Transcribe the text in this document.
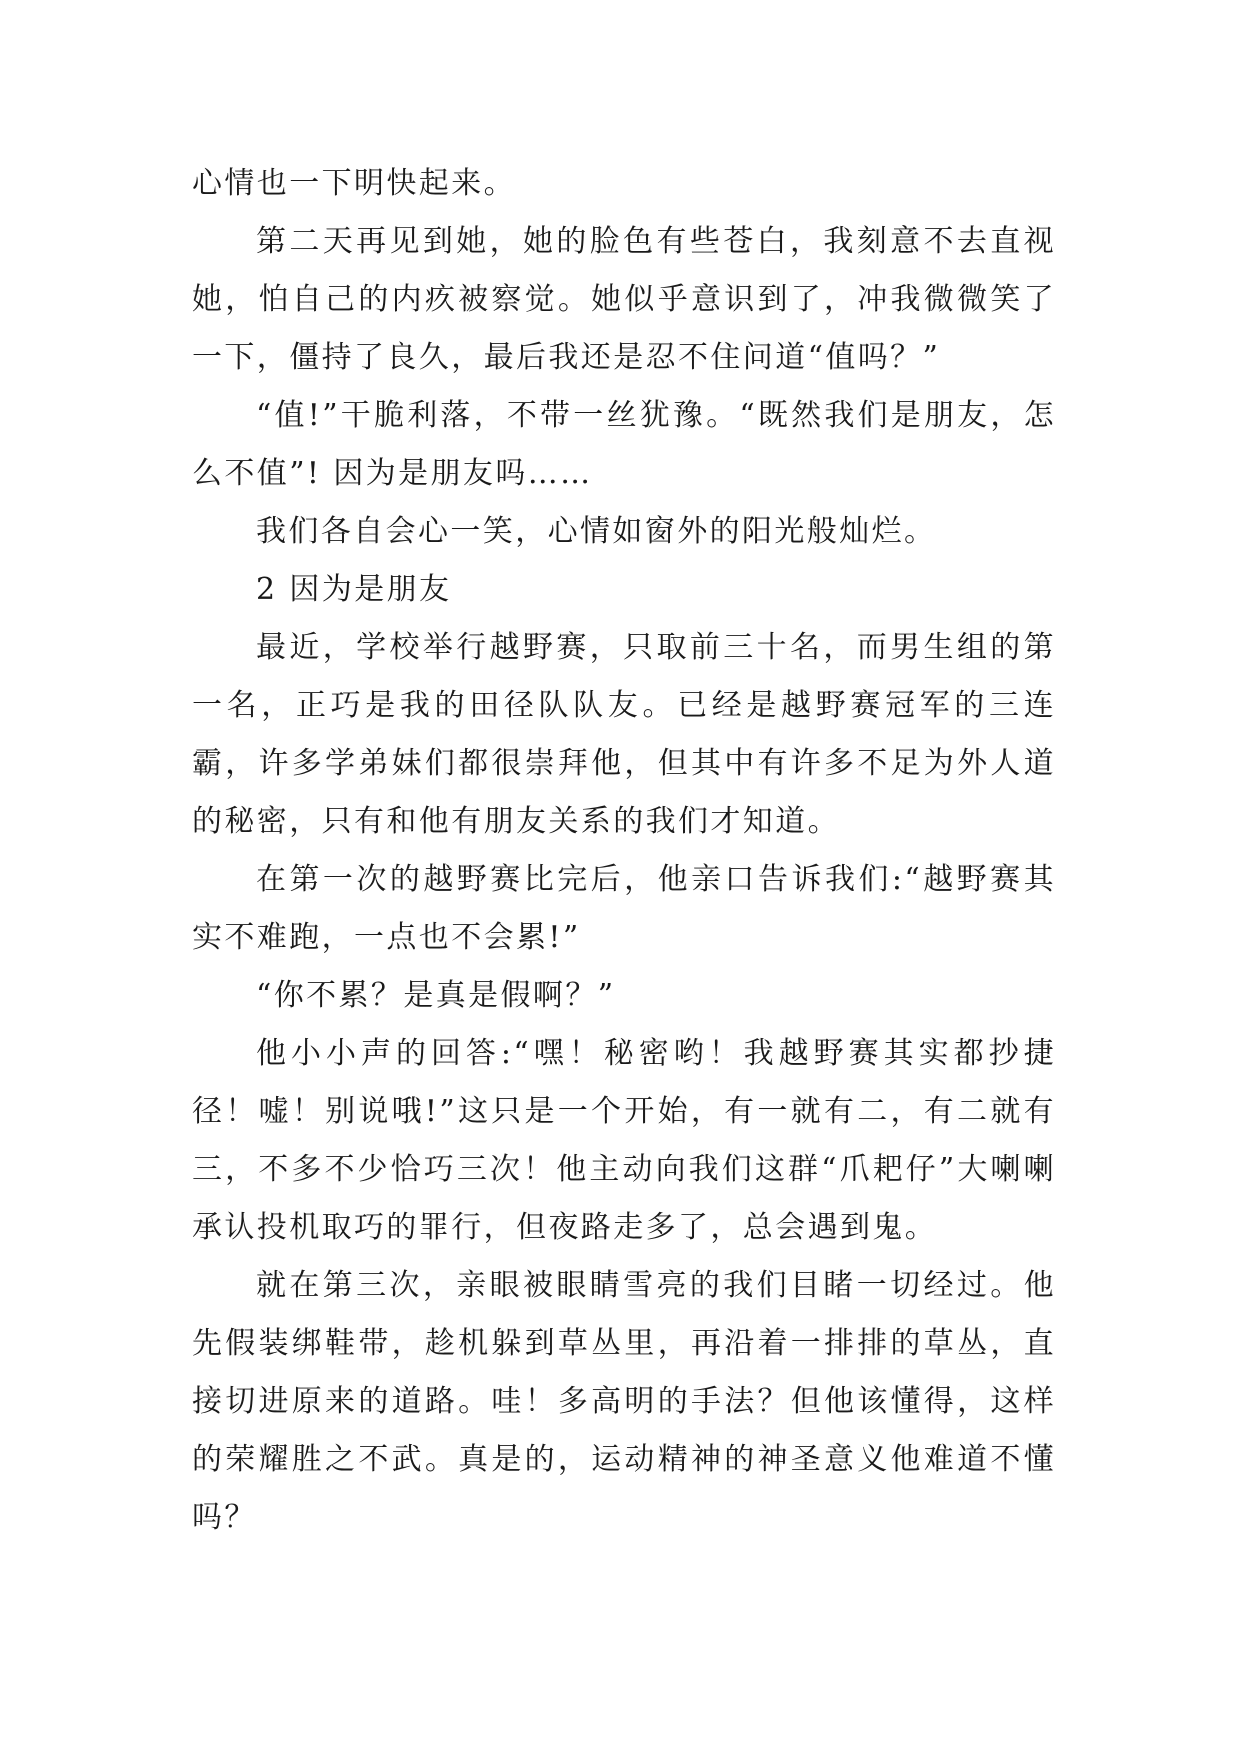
心情也一下明快起来。

第二天再见到她，她的脸色有些苍白，我刻意不去直视她，怕自己的内疚被察觉。她似乎意识到了，冲我微微笑了一下，僵持了良久，最后我还是忍不住问道“值吗？”

“值!”干脆利落，不带一丝犹豫。“既然我们是朋友，怎么不值”! 因为是朋友吗……

我们各自会心一笑，心情如窗外的阳光般灿烂。

2 因为是朋友

最近，学校举行越野赛，只取前三十名，而男生组的第一名，正巧是我的田径队队友。已经是越野赛冠军的三连霸，许多学弟妹们都很崇拜他，但其中有许多不足为外人道的秘密，只有和他有朋友关系的我们才知道。

在第一次的越野赛比完后，他亲口告诉我们:“越野赛其实不难跑，一点也不会累!”

“你不累？是真是假啊？”

他小小声的回答:“嘿！秘密哟！我越野赛其实都抄捷径！嘘！别说哦!”这只是一个开始，有一就有二，有二就有三，不多不少恰巧三次！他主动向我们这群“爪耙仔”大喇喇承认投机取巧的罪行，但夜路走多了，总会遇到鬼。

就在第三次，亲眼被眼睛雪亮的我们目睹一切经过。他先假装绑鞋带，趁机躲到草丛里，再沿着一排排的草丛，直接切进原来的道路。哇！多高明的手法？但他该懂得，这样的荣耀胜之不武。真是的，运动精神的神圣意义他难道不懂吗？
